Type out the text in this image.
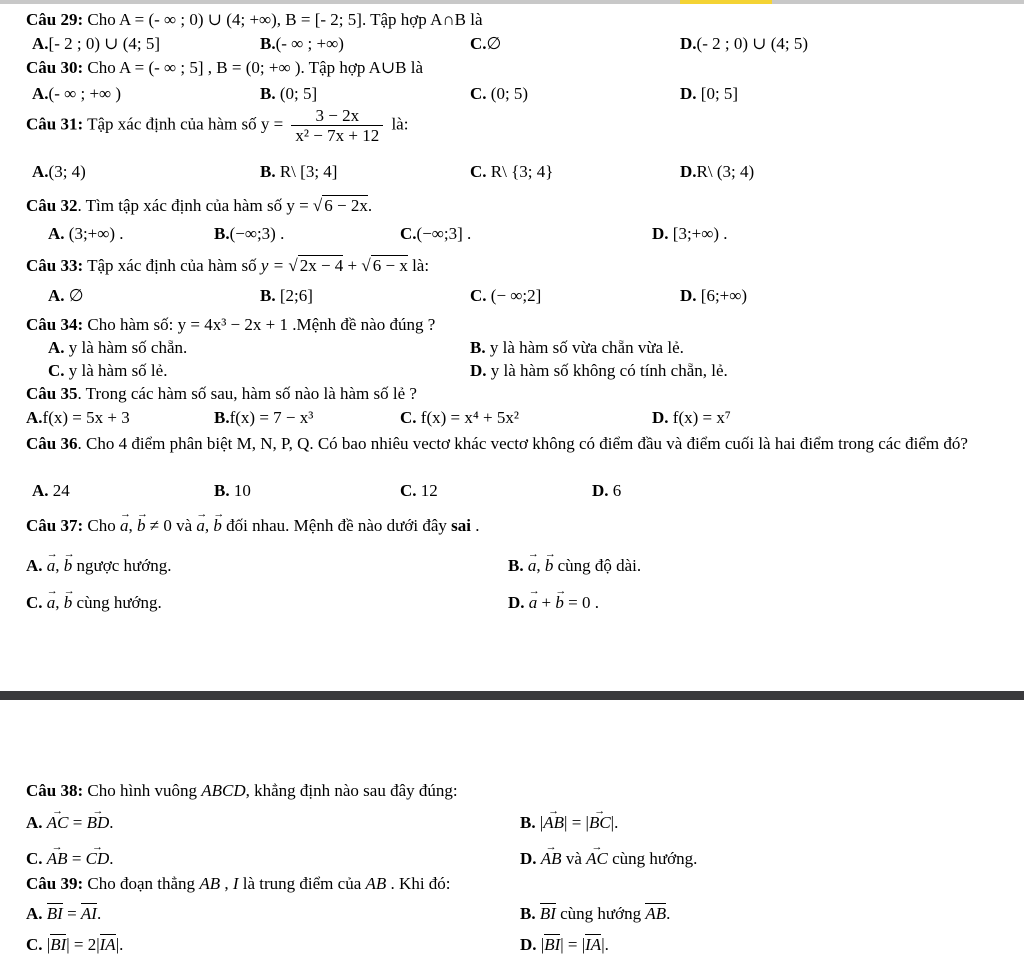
Câu 29: Cho A = (- ∞ ; 0) ∪ (4; +∞), B = [- 2; 5]. Tập hợp A∩B là
A.[- 2 ; 0) ∪ (4; 5]	B.(- ∞ ; +∞)	C.∅	D.(- 2 ; 0) ∪ (4; 5)
Câu 30: Cho A = (- ∞ ; 5] , B = (0; +∞ ). Tập hợp A∪B là
A.(- ∞ ; +∞ )	B. (0; 5]	C. (0; 5)	D. [0; 5]
Câu 31: Tập xác định của hàm số $y = \frac{3 - 2x}{\text{x² − 7x + 12}}$ là:
A.(3; 4)	B. R\ [3; 4]	C. R\ {3; 4}	D.R\ (3; 4)
Câu 32. Tìm tập xác định của hàm số y = √ 6 − 2x.
A. (3;+∞) .	B.(−∞;3) .	C.(−∞;3] .	D. [3;+∞) .
Câu 33: Tập xác định của hàm số y = √ 2x − 4 + √ 6 − x là:
A. ∅	B. [2;6]	C. (− ∞;2]	D. [6;+∞)
Câu 34: Cho hàm số: y = 4x³ − 2x + 1 .Mệnh đề nào đúng ?
A. y là hàm số chẵn.	B. y là hàm số vừa chẵn vừa lẻ.
C. y là hàm số lẻ.	D. y là hàm số không có tính chẵn, lẻ.
Câu 35. Trong các hàm số sau, hàm số nào là hàm số lẻ ?
A.f(x) = 5x + 3	B.f(x) = 7 − x³	C. f(x) = x⁴ + 5x²	D. f(x) = x⁷
Câu 36. Cho 4 điểm phân biệt M, N, P, Q. Có bao nhiêu vectơ khác vectơ không có điểm đầu và điểm cuối là hai điểm trong các điểm đó?
A. 24	B. 10	C. 12	D. 6
Câu 37: Cho → a, → b ≠ 0 và → a, → b đối nhau. Mệnh đề nào dưới đây sai .
A. → a, → b ngược hướng.	B. → a, → b cùng độ dài.
C. → a, → b cùng hướng.	D. → a + → b = 0 .
Câu 38: Cho hình vuông ABCD, khẳng định nào sau đây đúng:
A. → AC = → BD.	B. |→ AB| = |→ BC|.
C. → AB = → CD.	D. → AB và → AC cùng hướng.
Câu 39: Cho đoạn thẳng AB , I là trung điểm của AB . Khi đó:
A. BI = AI.	B. BI cùng hướng AB.
C. |BI| = 2|IA|.	D. |BI| = |IA|.
